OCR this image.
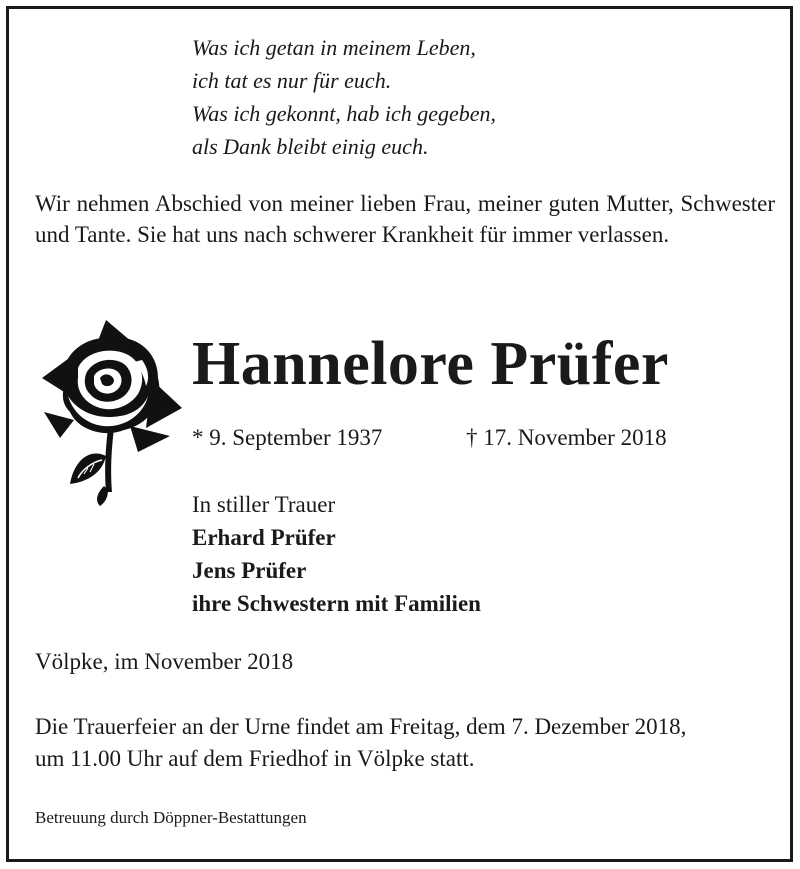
Was ich getan in meinem Leben,
ich tat es nur für euch.
Was ich gekonnt, hab ich gegeben,
als Dank bleibt einig euch.
Wir nehmen Abschied von meiner lieben Frau, meiner guten Mutter, Schwester und Tante. Sie hat uns nach schwerer Krankheit für immer verlassen.
Hannelore Prüfer
* 9. September 1937	† 17. November 2018
In stiller Trauer
Erhard Prüfer
Jens Prüfer
ihre Schwestern mit Familien
Völpke, im November 2018
Die Trauerfeier an der Urne findet am Freitag, dem 7. Dezember 2018,
um 11.00 Uhr auf dem Friedhof in Völpke statt.
Betreuung durch Döppner-Bestattungen
